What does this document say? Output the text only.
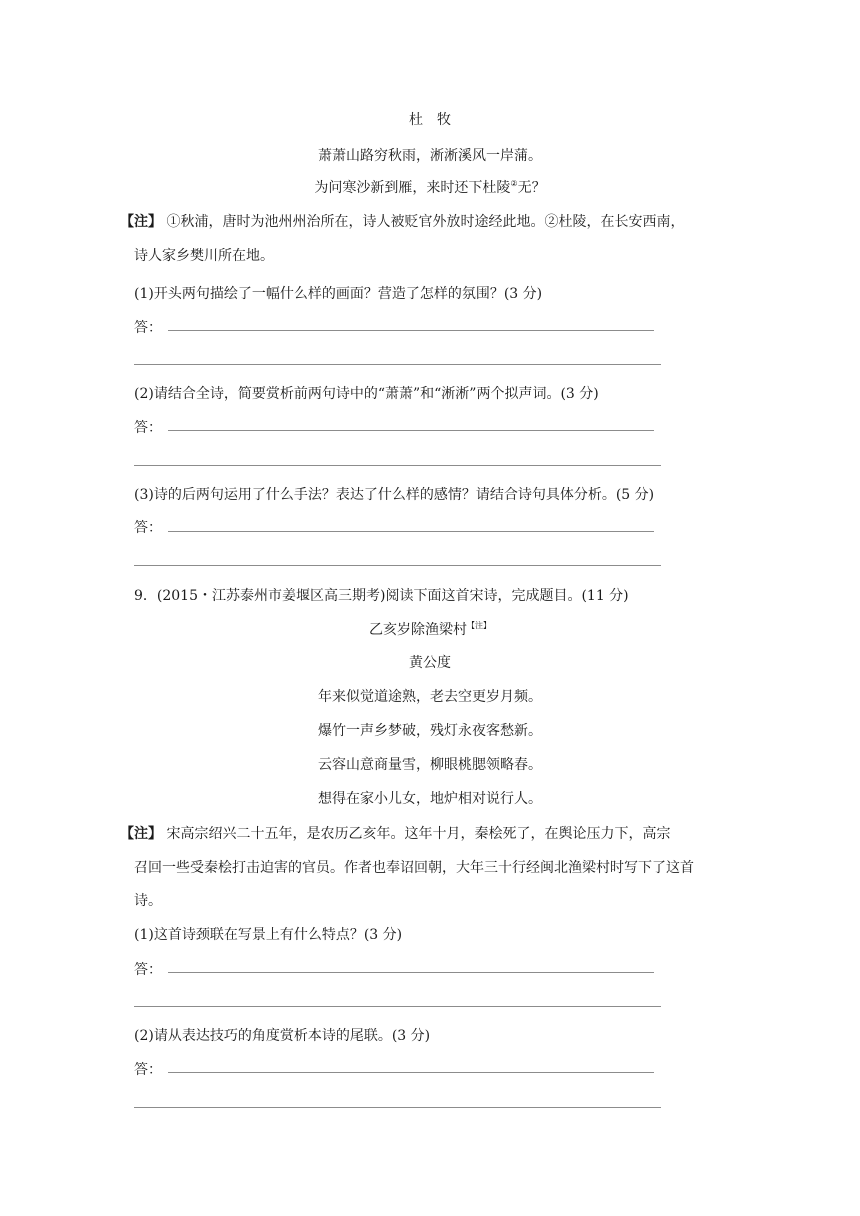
杜　牧
萧萧山路穷秋雨，淅淅溪风一岸蒲。
为问寒沙新到雁，来时还下杜陵②无？
【注】 ①秋浦，唐时为池州州治所在，诗人被贬官外放时途经此地。②杜陵，在长安西南，
诗人家乡樊川所在地。
(1)开头两句描绘了一幅什么样的画面？营造了怎样的氛围？(3 分)
答：
(2)请结合全诗，简要赏析前两句诗中的“萧萧”和“淅淅”两个拟声词。(3 分)
答：
(3)诗的后两句运用了什么手法？表达了什么样的感情？请结合诗句具体分析。(5 分)
答：
9．(2015・江苏泰州市姜堰区高三期考)阅读下面这首宋诗，完成题目。(11 分)
乙亥岁除渔梁村$^{【注】}$
黄公度
年来似觉道途熟，老去空更岁月频。
爆竹一声乡梦破，残灯永夜客愁新。
云容山意商量雪，柳眼桃腮领略春。
想得在家小儿女，地炉相对说行人。
【注】 宋高宗绍兴二十五年，是农历乙亥年。这年十月，秦桧死了，在舆论压力下，高宗
召回一些受秦桧打击迫害的官员。作者也奉诏回朝，大年三十行经闽北渔梁村时写下了这首
诗。
(1)这首诗颈联在写景上有什么特点？(3 分)
答：
(2)请从表达技巧的角度赏析本诗的尾联。(3 分)
答：
